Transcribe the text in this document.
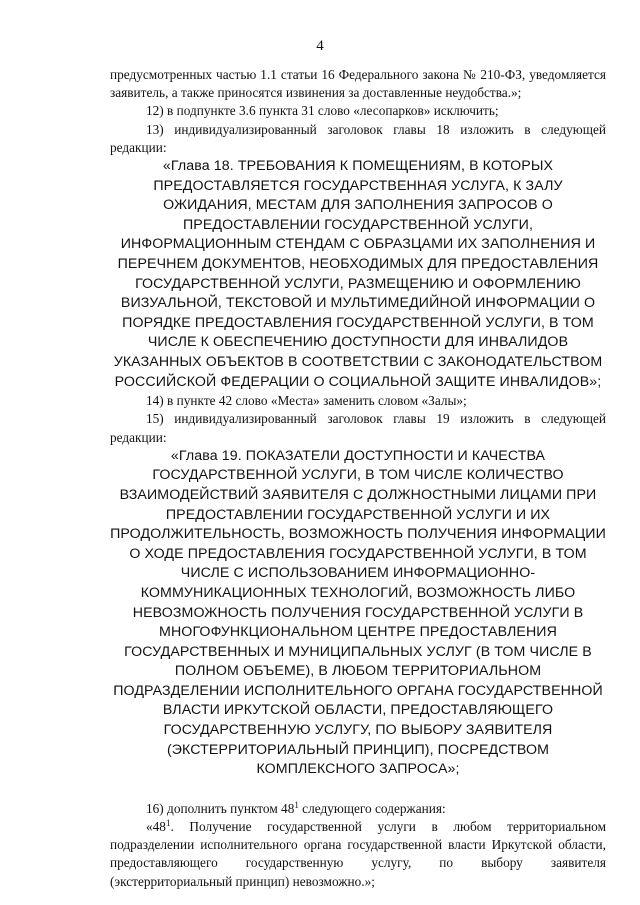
4

предусмотренных частью 1.1 статьи 16 Федерального закона № 210-ФЗ, уведомляется заявитель, а также приносятся извинения за доставленные неудобства.»;

12) в подпункте 3.6 пункта 31 слово «лесопарков» исключить;

13) индивидуализированный заголовок главы 18 изложить в следующей редакции:

«Глава 18. ТРЕБОВАНИЯ К ПОМЕЩЕНИЯМ, В КОТОРЫХ ПРЕДОСТАВЛЯЕТСЯ ГОСУДАРСТВЕННАЯ УСЛУГА, К ЗАЛУ ОЖИДАНИЯ, МЕСТАМ ДЛЯ ЗАПОЛНЕНИЯ ЗАПРОСОВ О ПРЕДОСТАВЛЕНИИ ГОСУДАРСТВЕННОЙ УСЛУГИ, ИНФОРМАЦИОННЫМ СТЕНДАМ С ОБРАЗЦАМИ ИХ ЗАПОЛНЕНИЯ И ПЕРЕЧНЕМ ДОКУМЕНТОВ, НЕОБХОДИМЫХ ДЛЯ ПРЕДОСТАВЛЕНИЯ ГОСУДАРСТВЕННОЙ УСЛУГИ, РАЗМЕЩЕНИЮ И ОФОРМЛЕНИЮ ВИЗУАЛЬНОЙ, ТЕКСТОВОЙ И МУЛЬТИМЕДИЙНОЙ ИНФОРМАЦИИ О ПОРЯДКЕ ПРЕДОСТАВЛЕНИЯ ГОСУДАРСТВЕННОЙ УСЛУГИ, В ТОМ ЧИСЛЕ К ОБЕСПЕЧЕНИЮ ДОСТУПНОСТИ ДЛЯ ИНВАЛИДОВ УКАЗАННЫХ ОБЪЕКТОВ В СООТВЕТСТВИИ С ЗАКОНОДАТЕЛЬСТВОМ РОССИЙСКОЙ ФЕДЕРАЦИИ О СОЦИАЛЬНОЙ ЗАЩИТЕ ИНВАЛИДОВ»;

14) в пункте 42 слово «Места» заменить словом «Залы»;

15) индивидуализированный заголовок главы 19 изложить в следующей редакции:

«Глава 19. ПОКАЗАТЕЛИ ДОСТУПНОСТИ И КАЧЕСТВА ГОСУДАРСТВЕННОЙ УСЛУГИ, В ТОМ ЧИСЛЕ КОЛИЧЕСТВО ВЗАИМОДЕЙСТВИЙ ЗАЯВИТЕЛЯ С ДОЛЖНОСТНЫМИ ЛИЦАМИ ПРИ ПРЕДОСТАВЛЕНИИ ГОСУДАРСТВЕННОЙ УСЛУГИ И ИХ ПРОДОЛЖИТЕЛЬНОСТЬ, ВОЗМОЖНОСТЬ ПОЛУЧЕНИЯ ИНФОРМАЦИИ О ХОДЕ ПРЕДОСТАВЛЕНИЯ ГОСУДАРСТВЕННОЙ УСЛУГИ, В ТОМ ЧИСЛЕ С ИСПОЛЬЗОВАНИЕМ ИНФОРМАЦИОННО-КОММУНИКАЦИОННЫХ ТЕХНОЛОГИЙ, ВОЗМОЖНОСТЬ ЛИБО НЕВОЗМОЖНОСТЬ ПОЛУЧЕНИЯ ГОСУДАРСТВЕННОЙ УСЛУГИ В МНОГОФУНКЦИОНАЛЬНОМ ЦЕНТРЕ ПРЕДОСТАВЛЕНИЯ ГОСУДАРСТВЕННЫХ И МУНИЦИПАЛЬНЫХ УСЛУГ (В ТОМ ЧИСЛЕ В ПОЛНОМ ОБЪЕМЕ), В ЛЮБОМ ТЕРРИТОРИАЛЬНОМ ПОДРАЗДЕЛЕНИИ ИСПОЛНИТЕЛЬНОГО ОРГАНА ГОСУДАРСТВЕННОЙ ВЛАСТИ ИРКУТСКОЙ ОБЛАСТИ, ПРЕДОСТАВЛЯЮЩЕГО ГОСУДАРСТВЕННУЮ УСЛУГУ, ПО ВЫБОРУ ЗАЯВИТЕЛЯ (ЭКСТЕРРИТОРИАЛЬНЫЙ ПРИНЦИП), ПОСРЕДСТВОМ КОМПЛЕКСНОГО ЗАПРОСА»;

16) дополнить пунктом $48^1$ следующего содержания:

«$48^1$. Получение государственной услуги в любом территориальном подразделении исполнительного органа государственной власти Иркутской области, предоставляющего государственную услугу, по выбору заявителя (экстерриториальный принцип) невозможно.»;
